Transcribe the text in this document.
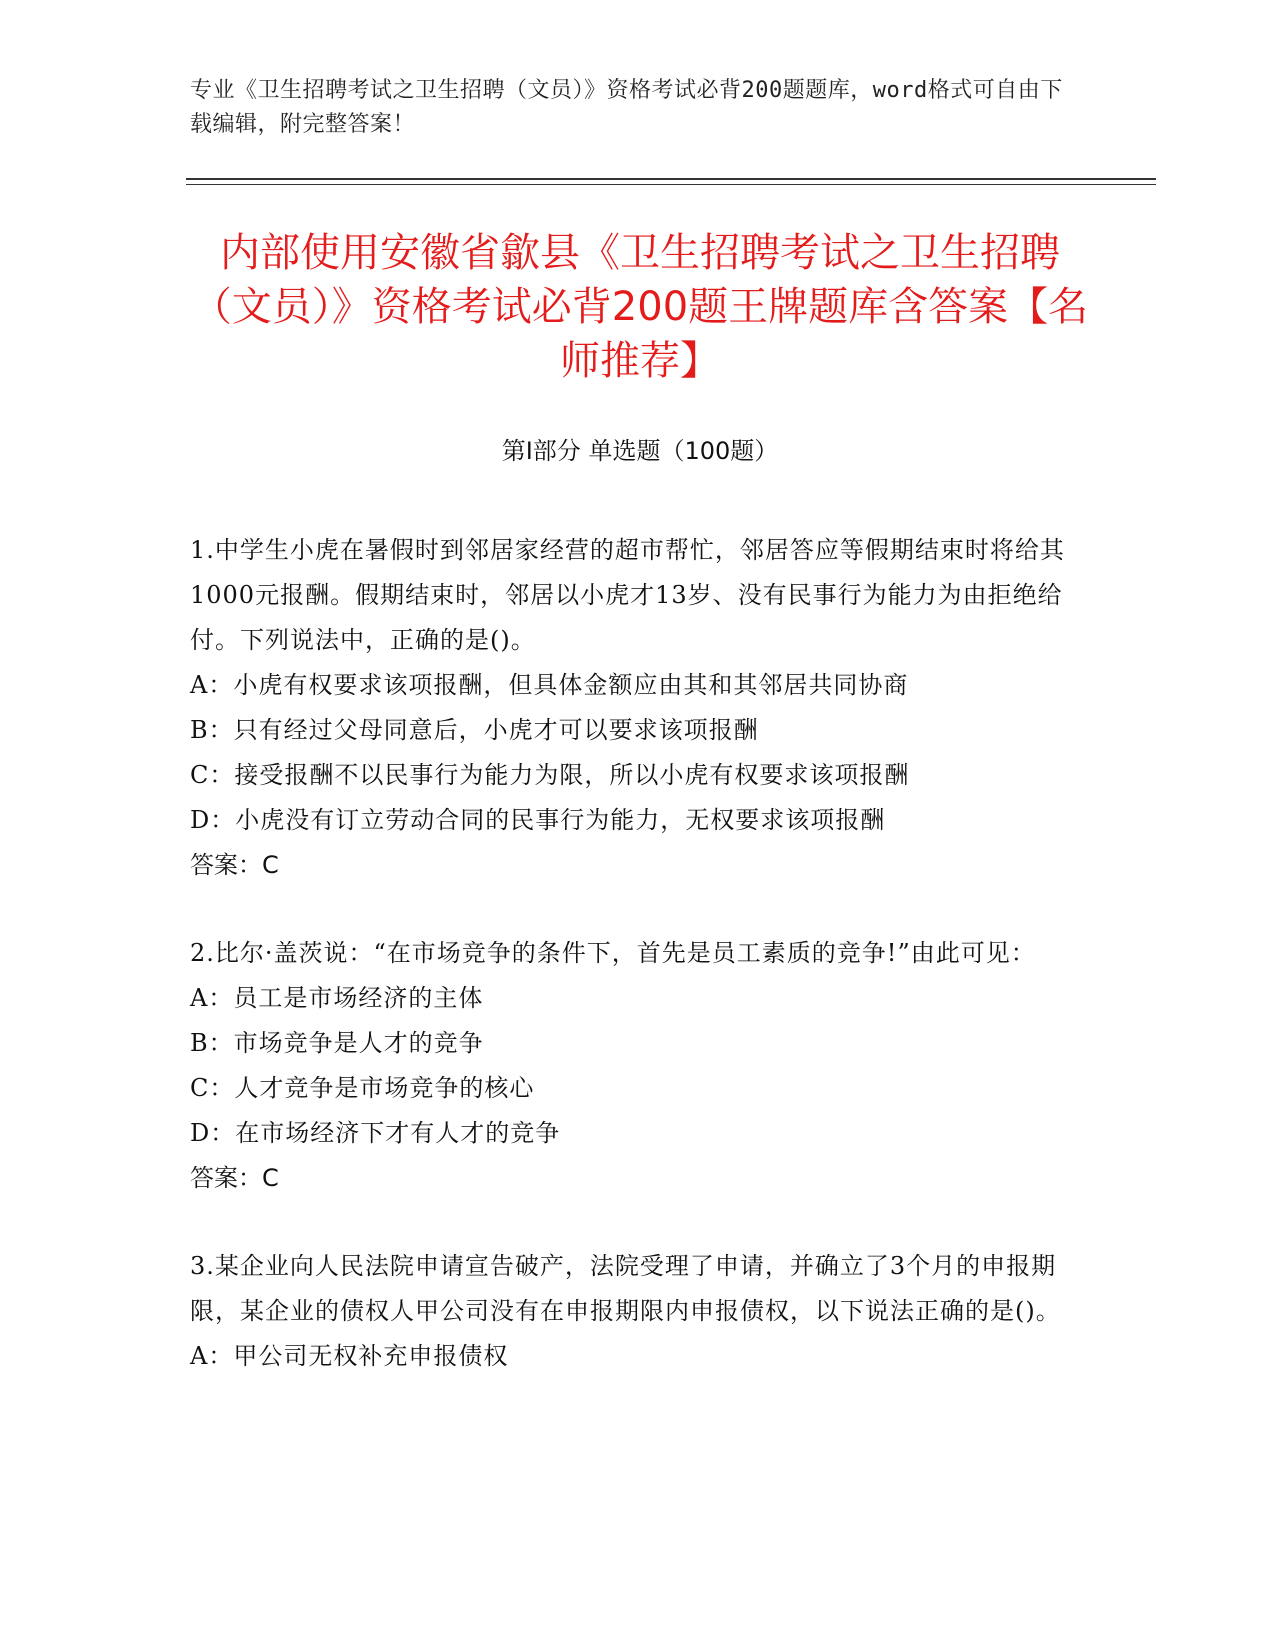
专业《卫生招聘考试之卫生招聘（文员）》资格考试必背200题题库，word格式可自由下载编辑，附完整答案！
内部使用安徽省歙县《卫生招聘考试之卫生招聘（文员）》资格考试必背200题王牌题库含答案【名师推荐】
第Ⅰ部分 单选题（100题）

1.中学生小虎在暑假时到邻居家经营的超市帮忙，邻居答应等假期结束时将给其1000元报酬。假期结束时，邻居以小虎才13岁、没有民事行为能力为由拒绝给付。下列说法中，正确的是()。

A：小虎有权要求该项报酬，但具体金额应由其和其邻居共同协商

B：只有经过父母同意后，小虎才可以要求该项报酬

C：接受报酬不以民事行为能力为限，所以小虎有权要求该项报酬

D：小虎没有订立劳动合同的民事行为能力，无权要求该项报酬

答案：C

2.比尔·盖茨说：“在市场竞争的条件下，首先是员工素质的竞争!”由此可见：

A：员工是市场经济的主体

B：市场竞争是人才的竞争

C：人才竞争是市场竞争的核心

D：在市场经济下才有人才的竞争

答案：C

3.某企业向人民法院申请宣告破产，法院受理了申请，并确立了3个月的申报期限，某企业的债权人甲公司没有在申报期限内申报债权，以下说法正确的是()。

A：甲公司无权补充申报债权
